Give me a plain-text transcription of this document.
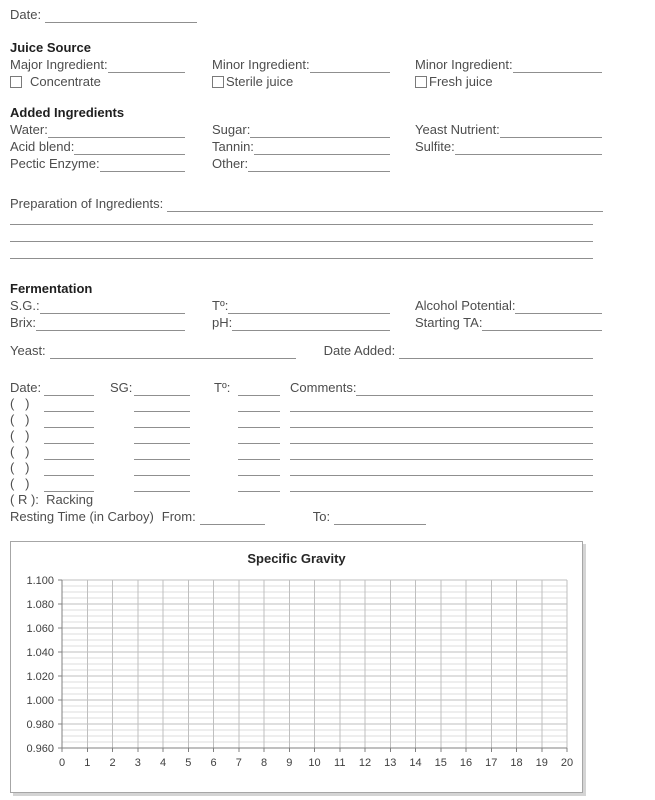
Date:
Juice Source
Major Ingredient:	Minor Ingredient:	Minor Ingredient:
Concentrate	Sterile juice	Fresh juice
Added Ingredients
Water:	Sugar:	Yeast Nutrient:
Acid blend:	Tannin:	Sulfite:
Pectic Enzyme:	Other:
Preparation of Ingredients:
Fermentation
S.G.:	Tº:	Alcohol Potential:
Brix:	pH:	Starting TA:
Yeast:	Date Added:
Date:	SG:	Tº:	Comments:
(   )
(   )
(   )
(   )
(   )
(   )
( R ):  Racking
Resting Time (in Carboy) From:	To:
Specific Gravity
1.100
1.080
1.060
1.040
1.020
1.000
0.980
0.960
0 1 2 3 4 5 6 7 8 9 10 11 12 13 14 15 16 17 18 19 20
